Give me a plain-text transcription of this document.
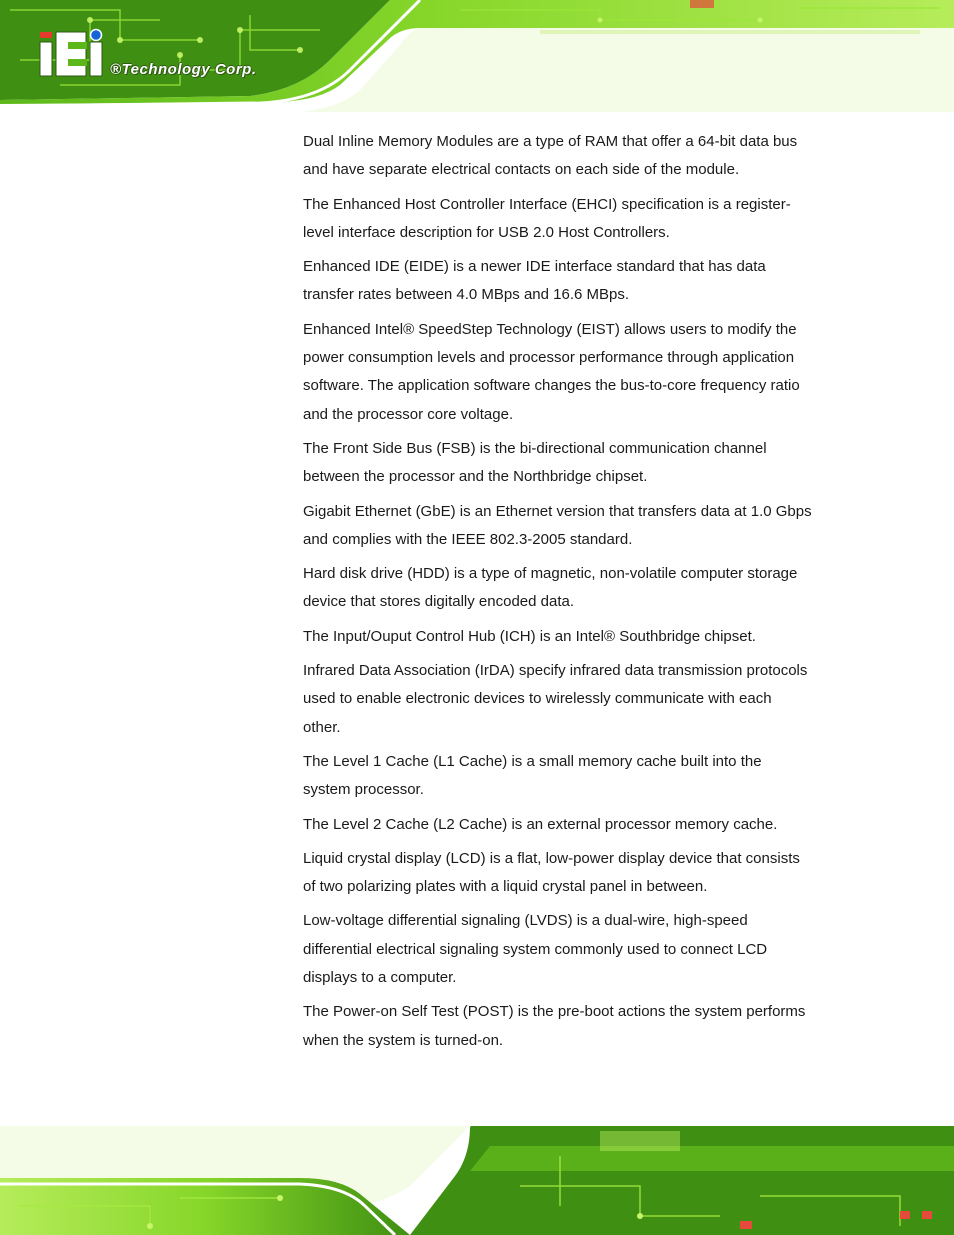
®Technology Corp.

Dual Inline Memory Modules are a type of RAM that offer a 64-bit data bus and have separate electrical contacts on each side of the module.

The Enhanced Host Controller Interface (EHCI) specification is a register-level interface description for USB 2.0 Host Controllers.

Enhanced IDE (EIDE) is a newer IDE interface standard that has data transfer rates between 4.0 MBps and 16.6 MBps.

Enhanced Intel® SpeedStep Technology (EIST) allows users to modify the power consumption levels and processor performance through application software. The application software changes the bus-to-core frequency ratio and the processor core voltage.

The Front Side Bus (FSB) is the bi-directional communication channel between the processor and the Northbridge chipset.

Gigabit Ethernet (GbE) is an Ethernet version that transfers data at 1.0 Gbps and complies with the IEEE 802.3-2005 standard.

Hard disk drive (HDD) is a type of magnetic, non-volatile computer storage device that stores digitally encoded data.

The Input/Ouput Control Hub (ICH) is an Intel® Southbridge chipset.

Infrared Data Association (IrDA) specify infrared data transmission protocols used to enable electronic devices to wirelessly communicate with each other.

The Level 1 Cache (L1 Cache) is a small memory cache built into the system processor.

The Level 2 Cache (L2 Cache) is an external processor memory cache.

Liquid crystal display (LCD) is a flat, low-power display device that consists of two polarizing plates with a liquid crystal panel in between.

Low-voltage differential signaling (LVDS) is a dual-wire, high-speed differential electrical signaling system commonly used to connect LCD displays to a computer.

The Power-on Self Test (POST) is the pre-boot actions the system performs when the system is turned-on.
